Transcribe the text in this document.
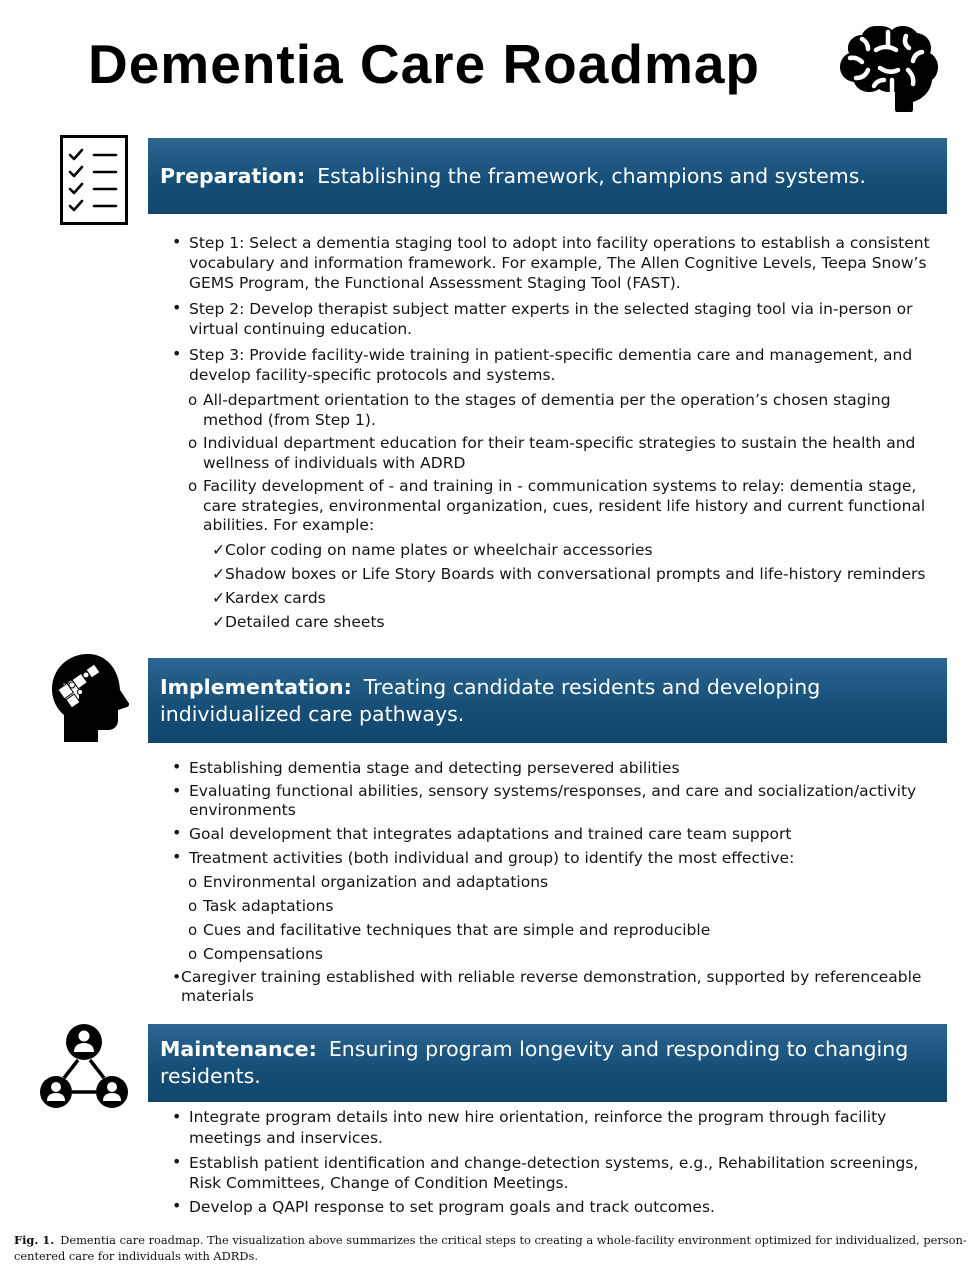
Dementia Care Roadmap
Preparation: Establishing the framework, champions and systems.
• Step 1: Select a dementia staging tool to adopt into facility operations to establish a consistent vocabulary and information framework. For example, The Allen Cognitive Levels, Teepa Snow’s GEMS Program, the Functional Assessment Staging Tool (FAST).
• Step 2: Develop therapist subject matter experts in the selected staging tool via in-person or virtual continuing education.
• Step 3: Provide facility-wide training in patient-specific dementia care and management, and develop facility-specific protocols and systems.
o All-department orientation to the stages of dementia per the operation’s chosen staging method (from Step 1).
o Individual department education for their team-specific strategies to sustain the health and wellness of individuals with ADRD
o Facility development of - and training in - communication systems to relay: dementia stage, care strategies, environmental organization, cues, resident life history and current functional abilities. For example:
✓ Color coding on name plates or wheelchair accessories
✓ Shadow boxes or Life Story Boards with conversational prompts and life-history reminders
✓ Kardex cards
✓ Detailed care sheets
Implementation: Treating candidate residents and developing individualized care pathways.
• Establishing dementia stage and detecting persevered abilities
• Evaluating functional abilities, sensory systems/responses, and care and socialization/activity environments
• Goal development that integrates adaptations and trained care team support
• Treatment activities (both individual and group) to identify the most effective:
o Environmental organization and adaptations
o Task adaptations
o Cues and facilitative techniques that are simple and reproducible
o Compensations
• Caregiver training established with reliable reverse demonstration, supported by referenceable materials
Maintenance: Ensuring program longevity and responding to changing residents.
• Integrate program details into new hire orientation, reinforce the program through facility meetings and inservices.
• Establish patient identification and change-detection systems, e.g., Rehabilitation screenings, Risk Committees, Change of Condition Meetings.
• Develop a QAPI response to set program goals and track outcomes.
Fig. 1. Dementia care roadmap. The visualization above summarizes the critical steps to creating a whole-facility environment optimized for individualized, person-centered care for individuals with ADRDs.
